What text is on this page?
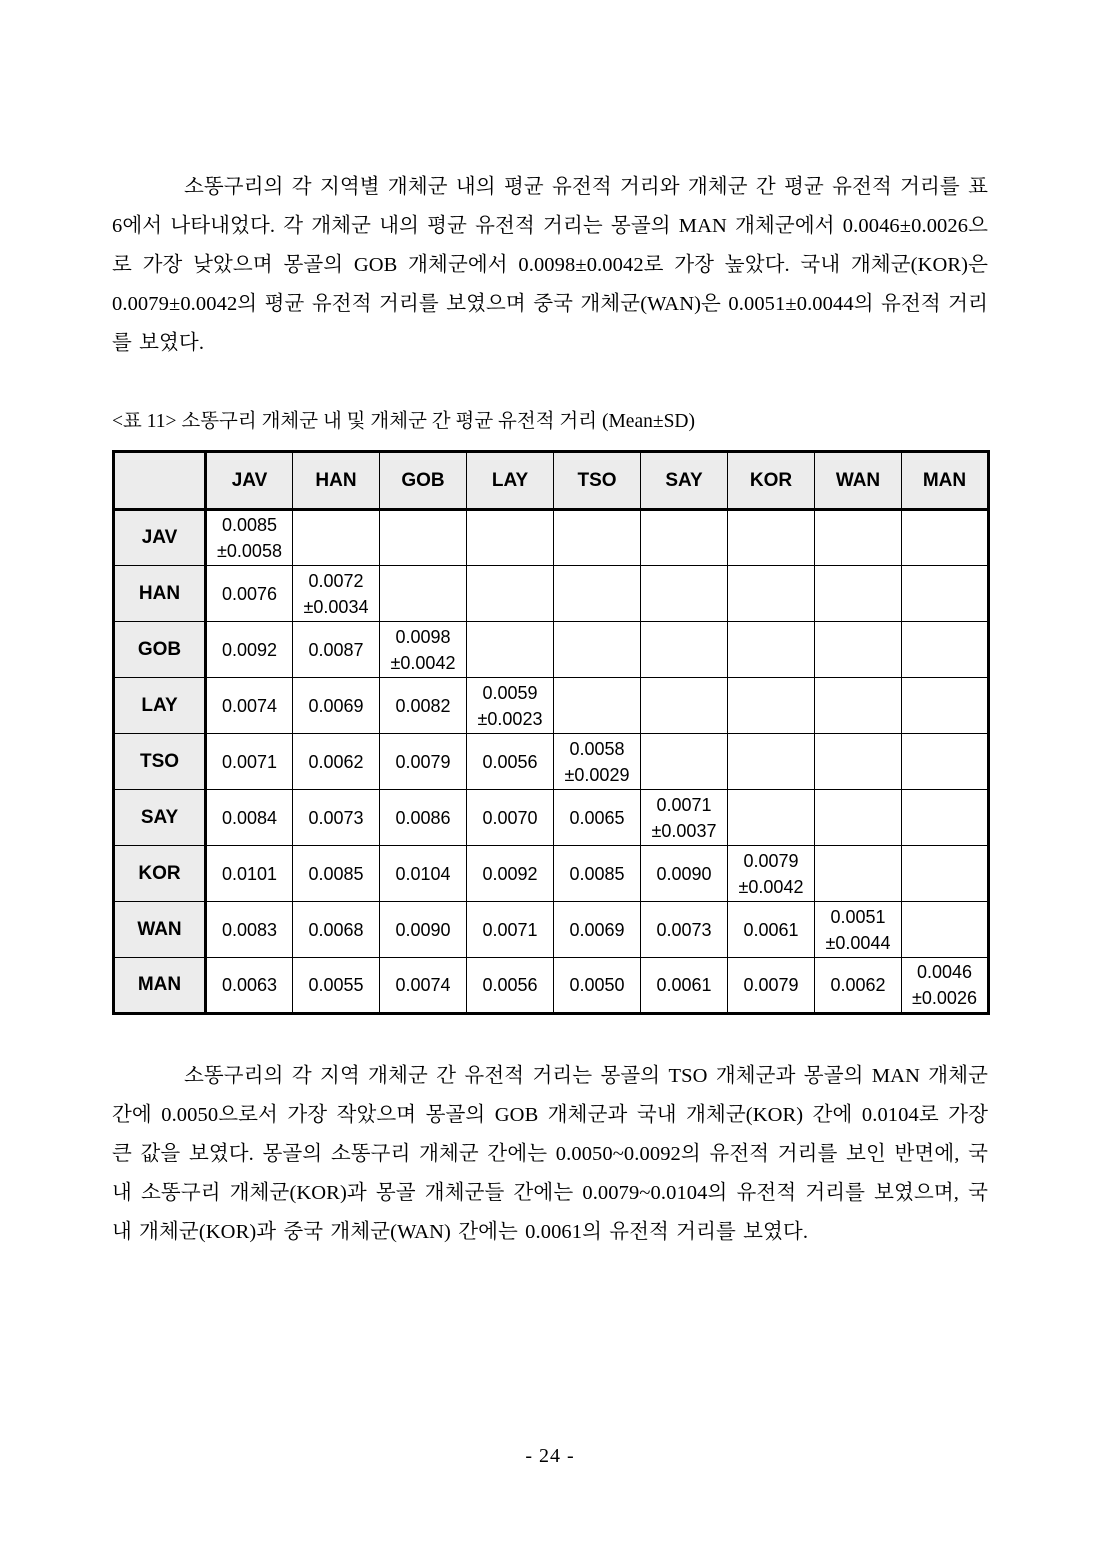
소똥구리의 각 지역별 개체군 내의 평균 유전적 거리와 개체군 간 평균 유전적 거리를 표 6에서 나타내었다. 각 개체군 내의 평균 유전적 거리는 몽골의 MAN 개체군에서 0.0046±0.0026으로 가장 낮았으며 몽골의 GOB 개체군에서 0.0098±0.0042로 가장 높았다. 국내 개체군(KOR)은 0.0079±0.0042의 평균 유전적 거리를 보였으며 중국 개체군(WAN)은 0.0051±0.0044의 유전적 거리를 보였다.

<표 11> 소똥구리 개체군 내 및 개체군 간 평균 유전적 거리 (Mean±SD)

	JAV	HAN	GOB	LAY	TSO	SAY	KOR	WAN	MAN
JAV	0.0085
±0.0058								

HAN	0.0076	0.0072
±0.0034							

GOB	0.0092	0.0087	0.0098
±0.0042						

LAY	0.0074	0.0069	0.0082	0.0059
±0.0023					

TSO	0.0071	0.0062	0.0079	0.0056	0.0058
±0.0029				

SAY	0.0084	0.0073	0.0086	0.0070	0.0065	0.0071
±0.0037			

KOR	0.0101	0.0085	0.0104	0.0092	0.0085	0.0090	0.0079
±0.0042		

WAN	0.0083	0.0068	0.0090	0.0071	0.0069	0.0073	0.0061	0.0051
±0.0044	

MAN	0.0063	0.0055	0.0074	0.0056	0.0050	0.0061	0.0079	0.0062	0.0046
±0.0026

소똥구리의 각 지역 개체군 간 유전적 거리는 몽골의 TSO 개체군과 몽골의 MAN 개체군 간에 0.0050으로서 가장 작았으며 몽골의 GOB 개체군과 국내 개체군(KOR) 간에 0.0104로 가장 큰 값을 보였다. 몽골의 소똥구리 개체군 간에는 0.0050~0.0092의 유전적 거리를 보인 반면에, 국내 소똥구리 개체군(KOR)과 몽골 개체군들 간에는 0.0079~0.0104의 유전적 거리를 보였으며, 국내 개체군(KOR)과 중국 개체군(WAN) 간에는 0.0061의 유전적 거리를 보였다.

- 24 -
